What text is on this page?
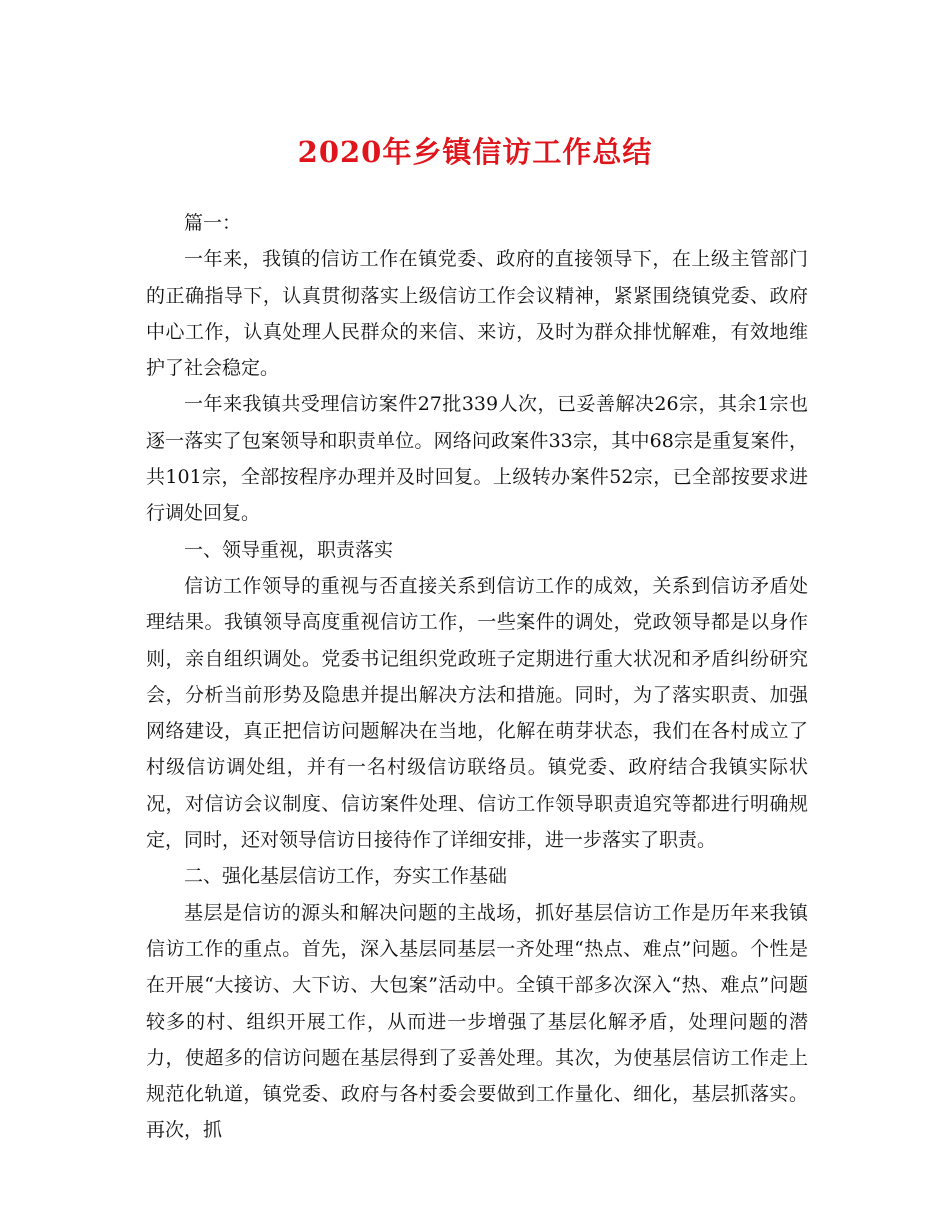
2020年乡镇信访工作总结

篇一：

一年来，我镇的信访工作在镇党委、政府的直接领导下，在上级主管部门的正确指导下，认真贯彻落实上级信访工作会议精神，紧紧围绕镇党委、政府中心工作，认真处理人民群众的来信、来访，及时为群众排忧解难，有效地维护了社会稳定。

一年来我镇共受理信访案件27批339人次，已妥善解决26宗，其余1宗也逐一落实了包案领导和职责单位。网络问政案件33宗，其中68宗是重复案件，共101宗，全部按程序办理并及时回复。上级转办案件52宗，已全部按要求进行调处回复。

一、领导重视，职责落实

信访工作领导的重视与否直接关系到信访工作的成效，关系到信访矛盾处理结果。我镇领导高度重视信访工作，一些案件的调处，党政领导都是以身作则，亲自组织调处。党委书记组织党政班子定期进行重大状况和矛盾纠纷研究会，分析当前形势及隐患并提出解决方法和措施。同时，为了落实职责、加强网络建设，真正把信访问题解决在当地，化解在萌芽状态，我们在各村成立了村级信访调处组，并有一名村级信访联络员。镇党委、政府结合我镇实际状况，对信访会议制度、信访案件处理、信访工作领导职责追究等都进行明确规定，同时，还对领导信访日接待作了详细安排，进一步落实了职责。

二、强化基层信访工作，夯实工作基础

基层是信访的源头和解决问题的主战场，抓好基层信访工作是历年来我镇信访工作的重点。首先，深入基层同基层一齐处理“热点、难点”问题。个性是在开展“大接访、大下访、大包案”活动中。全镇干部多次深入“热、难点”问题较多的村、组织开展工作，从而进一步增强了基层化解矛盾，处理问题的潜力，使超多的信访问题在基层得到了妥善处理。其次，为使基层信访工作走上规范化轨道，镇党委、政府与各村委会要做到工作量化、细化，基层抓落实。再次，抓
